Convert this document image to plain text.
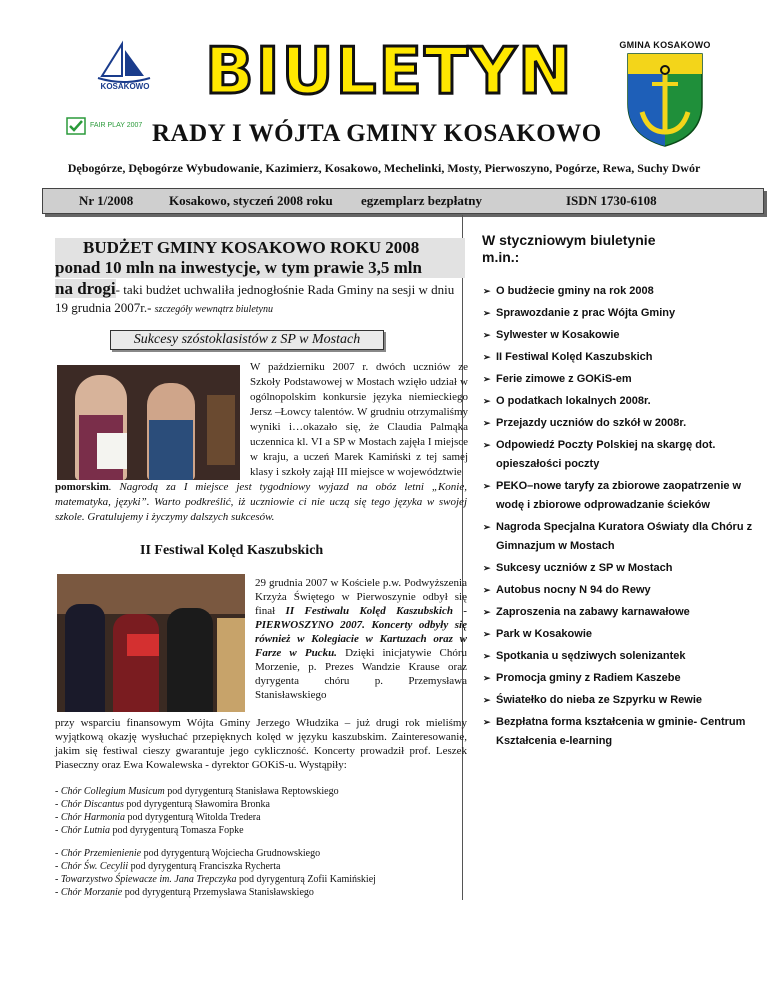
KOSAKOWO
FAIR PLAY 2007
BIULETYN
RADY I WÓJTA GMINY KOSAKOWO
GMINA KOSAKOWO
Dębogórze, Dębogórze Wybudowanie, Kazimierz, Kosakowo, Mechelinki, Mosty, Pierwoszyno, Pogórze, Rewa, Suchy Dwór
Nr 1/2008	Kosakowo, styczeń 2008 roku egzemplarz bezpłatny	ISDN 1730-6108
BUDŻET GMINY KOSAKOWO ROKU 2008
ponad 10 mln na inwestycje, w tym prawie 3,5 mln
na drogi- taki budżet uchwaliła jednogłośnie Rada Gminy na sesji w dniu 19 grudnia 2007r.- szczegóły wewnątrz biuletynu
Sukcesy szóstoklasistów z SP w Mostach
W październiku 2007 r. dwóch uczniów ze Szkoły Podstawowej w Mostach wzięło udział w ogólnopolskim konkursie języka niemieckiego Jersz –Łowcy talentów. W grudniu otrzymaliśmy wyniki i…okazało się, że Claudia Palmąka uczennica kl. VI a SP w Mostach zajęła I miejsce w kraju, a uczeń Marek Kamiński z tej samej klasy i szkoły zajął III miejsce w województwie
pomorskim. Nagrodą za I miejsce jest tygodniowy wyjazd na obóz letni „Konie, matematyka, języki”. Warto podkreślić, iż uczniowie ci nie uczą się tego języka w swojej szkole. Gratulujemy i życzymy dalszych sukcesów.
II Festiwal Kolęd Kaszubskich
29 grudnia 2007 w Kościele p.w. Podwyższenia Krzyża Świętego w Pierwoszynie odbył się finał II Festiwalu Kolęd Kaszubskich - PIERWOSZYNO 2007. Koncerty odbyły się również w Kolegiacie w Kartuzach oraz w Farze w Pucku. Dzięki inicjatywie Chóru Morzenie, p. Prezes Wandzie Krause oraz dyrygenta chóru p. Przemysława Stanisławskiego
przy wsparciu finansowym Wójta Gminy Jerzego Włudzika – już drugi rok mieliśmy wyjątkową okazję wysłuchać przepięknych kolęd w języku kaszubskim. Zainteresowanie, jakim się festiwal cieszy gwarantuje jego cykliczność. Koncerty prowadził prof. Leszek Piaseczny oraz Ewa Kowalewska - dyrektor GOKiS-u. Wystąpiły:
- Chór Collegium Musicum pod dyrygenturą Stanisława Reptowskiego
- Chór Discantus pod dyrygenturą Sławomira Bronka
- Chór Harmonia pod dyrygenturą Witolda Tredera
- Chór Lutnia pod dyrygenturą Tomasza Fopke
- Chór Przemienienie pod dyrygenturą Wojciecha Grudnowskiego
- Chór Św. Cecylii pod dyrygenturą Franciszka Rycherta
- Towarzystwo Śpiewacze im. Jana Trepczyka pod dyrygenturą Zofii Kamińskiej
- Chór Morzanie pod dyrygenturą Przemysława Stanisławskiego
W styczniowym biuletynie m.in.:
➢ O budżecie gminy na rok 2008
➢ Sprawozdanie z prac Wójta Gminy
➢ Sylwester w Kosakowie
➢ II Festiwal Kolęd Kaszubskich
➢ Ferie zimowe z GOKiS-em
➢ O podatkach lokalnych 2008r.
➢ Przejazdy uczniów do szkół w 2008r.
➢ Odpowiedź Poczty Polskiej na skargę dot. opieszałości poczty
➢ PEKO–nowe taryfy za zbiorowe zaopatrzenie w wodę i zbiorowe odprowadzanie ścieków
➢ Nagroda Specjalna Kuratora Oświaty dla Chóru z Gimnazjum w Mostach
➢ Sukcesy uczniów z SP w Mostach
➢ Autobus nocny N 94 do Rewy
➢ Zaproszenia na zabawy karnawałowe
➢ Park w Kosakowie
➢ Spotkania u sędziwych solenizantek
➢ Promocja gminy z Radiem Kaszebe
➢ Światełko do nieba ze Szpyrku w Rewie
➢ Bezpłatna forma kształcenia w gminie- Centrum Kształcenia e-learning
